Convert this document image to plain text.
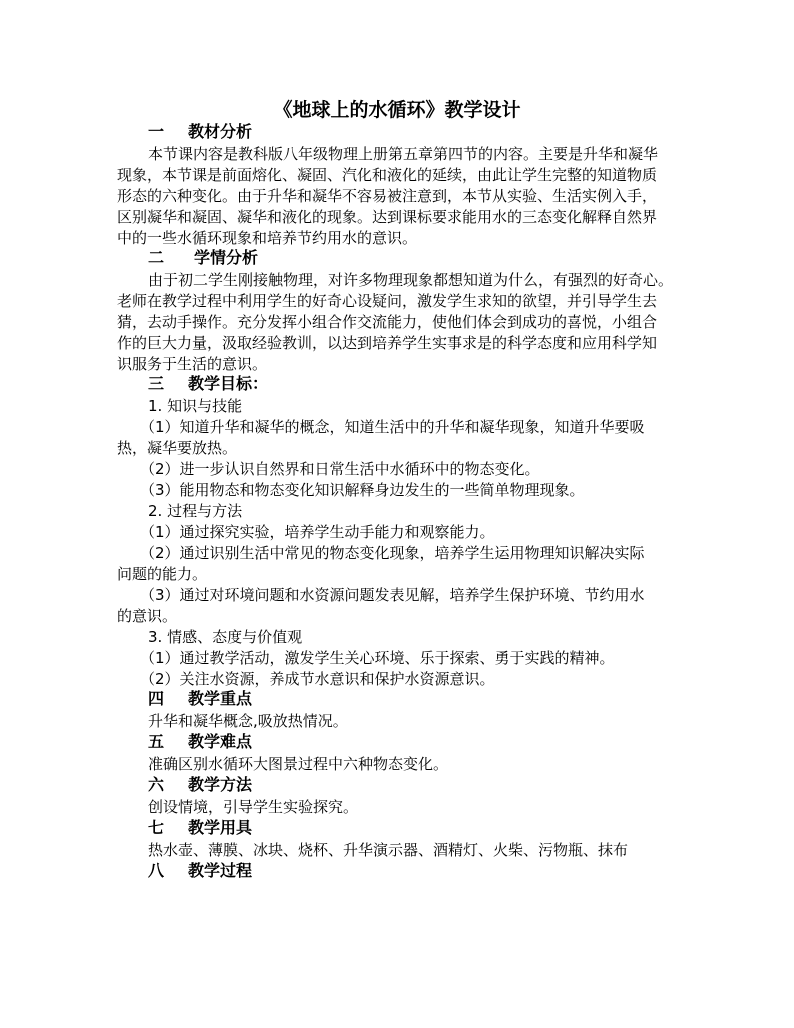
《地球上的水循环》教学设计
一 教材分析
本节课内容是教科版八年级物理上册第五章第四节的内容。主要是升华和凝华
现象，本节课是前面熔化、凝固、汽化和液化的延续，由此让学生完整的知道物质
形态的六种变化。由于升华和凝华不容易被注意到，本节从实验、生活实例入手，
区别凝华和凝固、凝华和液化的现象。达到课标要求能用水的三态变化解释自然界
中的一些水循环现象和培养节约用水的意识。
二 学情分析
由于初二学生刚接触物理，对许多物理现象都想知道为什么，有强烈的好奇心。
老师在教学过程中利用学生的好奇心设疑问，激发学生求知的欲望，并引导学生去
猜，去动手操作。充分发挥小组合作交流能力，使他们体会到成功的喜悦，小组合
作的巨大力量，汲取经验教训，以达到培养学生实事求是的科学态度和应用科学知
识服务于生活的意识。
三 教学目标：
1. 知识与技能
（1）知道升华和凝华的概念，知道生活中的升华和凝华现象，知道升华要吸
热，凝华要放热。
（2）进一步认识自然界和日常生活中水循环中的物态变化。
（3）能用物态和物态变化知识解释身边发生的一些简单物理现象。
2. 过程与方法
（1）通过探究实验，培养学生动手能力和观察能力。
（2）通过识别生活中常见的物态变化现象，培养学生运用物理知识解决实际
问题的能力。
（3）通过对环境问题和水资源问题发表见解，培养学生保护环境、节约用水
的意识。
3. 情感、态度与价值观
（1）通过教学活动，激发学生关心环境、乐于探索、勇于实践的精神。
（2）关注水资源，养成节水意识和保护水资源意识。
四 教学重点
升华和凝华概念,吸放热情况。
五 教学难点
准确区别水循环大图景过程中六种物态变化。
六 教学方法
创设情境，引导学生实验探究。
七 教学用具
热水壶、薄膜、冰块、烧杯、升华演示器、酒精灯、火柴、污物瓶、抹布
八 教学过程
